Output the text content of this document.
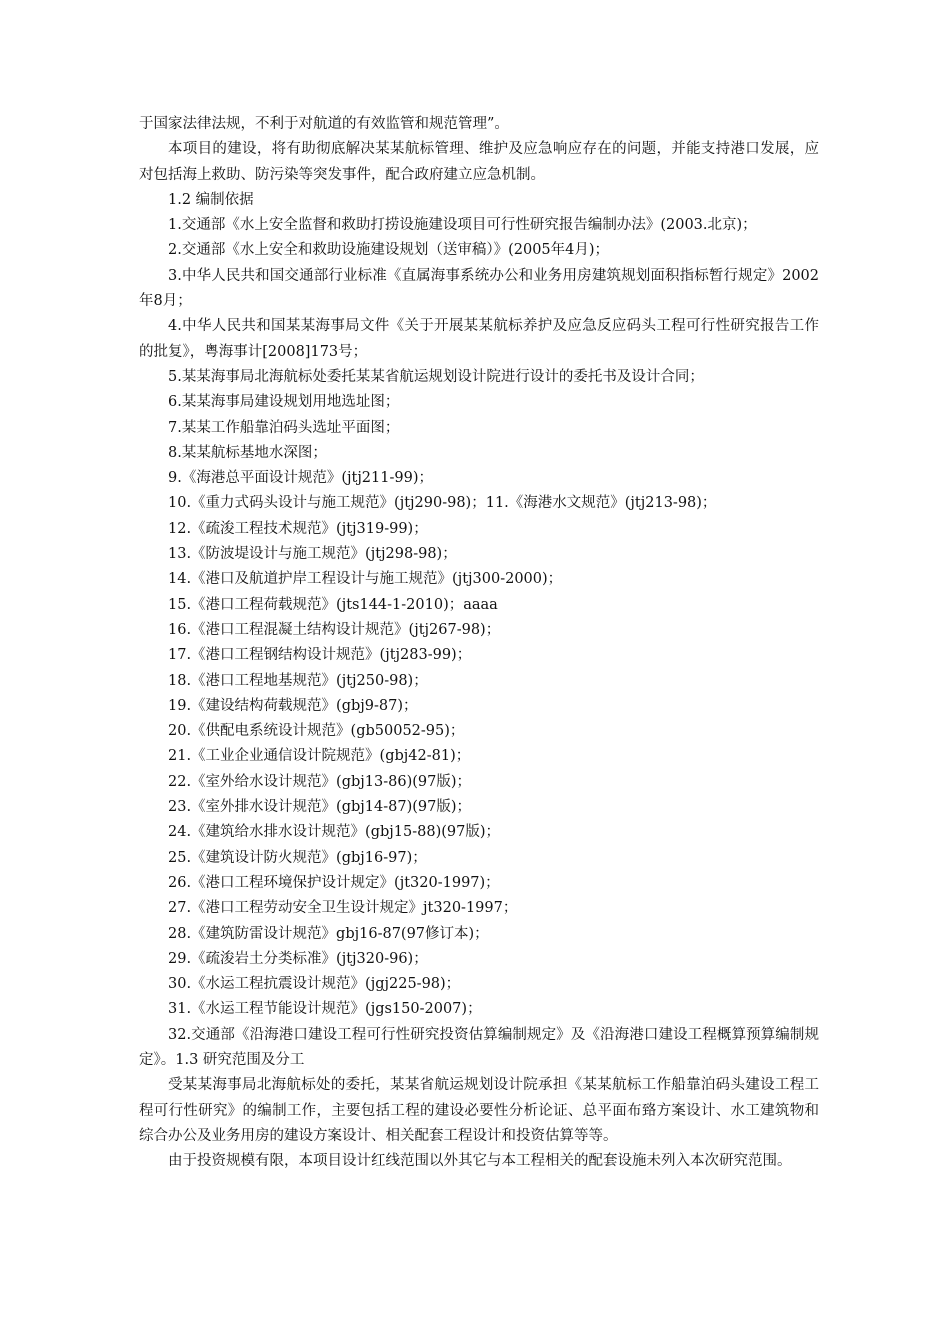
于国家法律法规，不利于对航道的有效监管和规范管理”。

本项目的建设，将有助彻底解决某某航标管理、维护及应急响应存在的问题，并能支持港口发展，应对包括海上救助、防污染等突发事件，配合政府建立应急机制。

1.2 编制依据

1.交通部《水上安全监督和救助打捞设施建设项目可行性研究报告编制办法》(2003.北京)；

2.交通部《水上安全和救助设施建设规划（送审稿）》(2005年4月)；

3.中华人民共和国交通部行业标准《直属海事系统办公和业务用房建筑规划面积指标暂行规定》2002年8月；

4.中华人民共和国某某海事局文件《关于开展某某航标养护及应急反应码头工程可行性研究报告工作的批复》，粤海事计[2008]173号；

5.某某海事局北海航标处委托某某省航运规划设计院进行设计的委托书及设计合同；

6.某某海事局建设规划用地选址图；

7.某某工作船靠泊码头选址平面图；

8.某某航标基地水深图；

9.《海港总平面设计规范》(jtj211-99)；

10.《重力式码头设计与施工规范》(jtj290-98)；11.《海港水文规范》(jtj213-98)；

12.《疏浚工程技术规范》(jtj319-99)；

13.《防波堤设计与施工规范》(jtj298-98)；

14.《港口及航道护岸工程设计与施工规范》(jtj300-2000)；

15.《港口工程荷载规范》(jts144-1-2010)；aaaa

16.《港口工程混凝土结构设计规范》(jtj267-98)；

17.《港口工程钢结构设计规范》(jtj283-99)；

18.《港口工程地基规范》(jtj250-98)；

19.《建设结构荷载规范》(gbj9-87)；

20.《供配电系统设计规范》(gb50052-95)；

21.《工业企业通信设计院规范》(gbj42-81)；

22.《室外给水设计规范》(gbj13-86)(97版)；

23.《室外排水设计规范》(gbj14-87)(97版)；

24.《建筑给水排水设计规范》(gbj15-88)(97版)；

25.《建筑设计防火规范》(gbj16-97)；

26.《港口工程环境保护设计规定》(jt320-1997)；

27.《港口工程劳动安全卫生设计规定》jt320-1997；

28.《建筑防雷设计规范》gbj16-87(97修订本)；

29.《疏浚岩土分类标准》(jtj320-96)；

30.《水运工程抗震设计规范》(jgj225-98)；

31.《水运工程节能设计规范》(jgs150-2007)；

32.交通部《沿海港口建设工程可行性研究投资估算编制规定》及《沿海港口建设工程概算预算编制规定》。1.3 研究范围及分工

受某某海事局北海航标处的委托，某某省航运规划设计院承担《某某航标工作船靠泊码头建设工程工程可行性研究》的编制工作，主要包括工程的建设必要性分析论证、总平面布臵方案设计、水工建筑物和综合办公及业务用房的建设方案设计、相关配套工程设计和投资估算等等。

由于投资规模有限，本项目设计红线范围以外其它与本工程相关的配套设施未列入本次研究范围。
